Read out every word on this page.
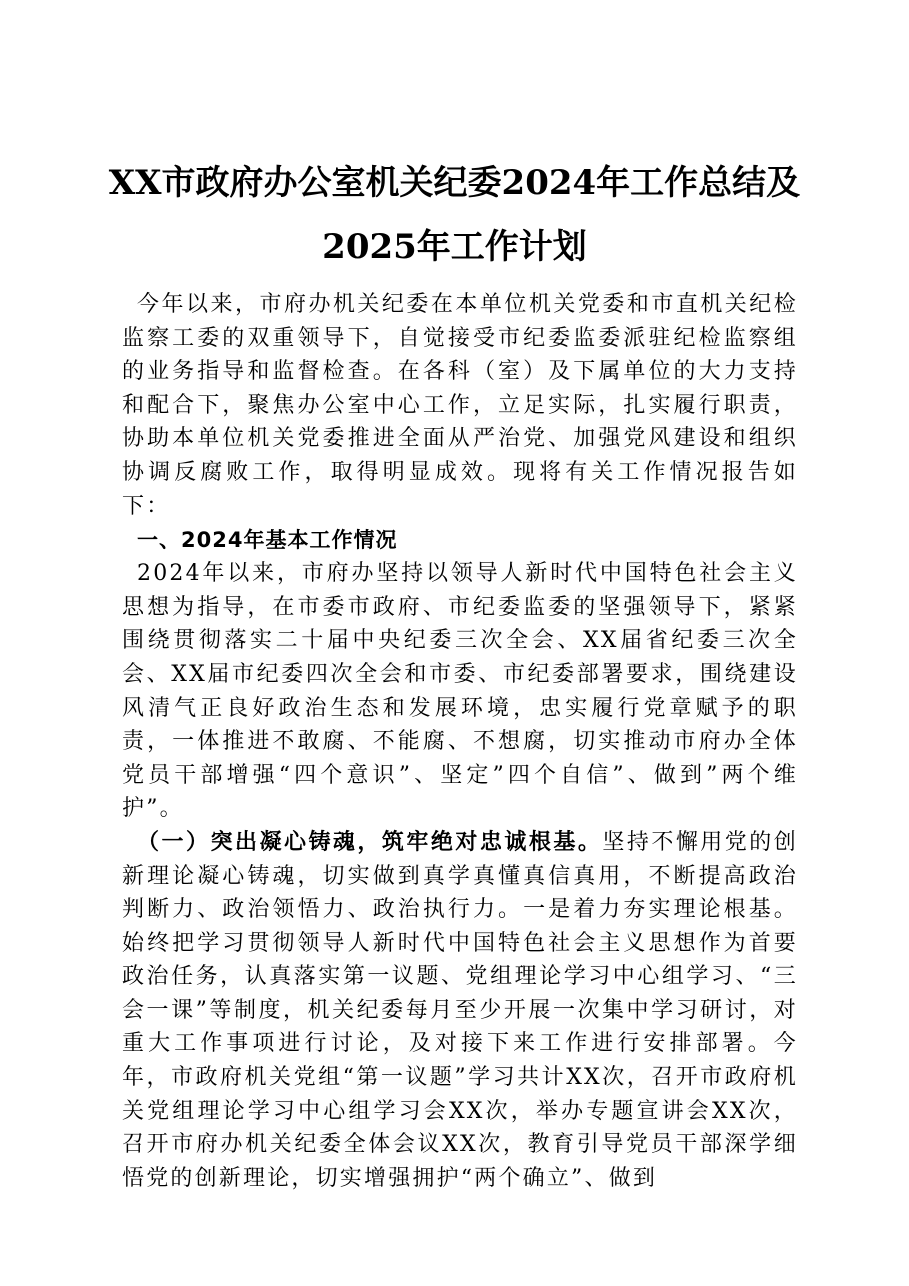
XX市政府办公室机关纪委2024年工作总结及
2025年工作计划

今年以来，市府办机关纪委在本单位机关党委和市直机关纪检监察工委的双重领导下，自觉接受市纪委监委派驻纪检监察组的业务指导和监督检查。在各科（室）及下属单位的大力支持和配合下，聚焦办公室中心工作，立足实际，扎实履行职责，协助本单位机关党委推进全面从严治党、加强党风建设和组织协调反腐败工作，取得明显成效。现将有关工作情况报告如下：

一、2024年基本工作情况

2024年以来，市府办坚持以领导人新时代中国特色社会主义思想为指导，在市委市政府、市纪委监委的坚强领导下，紧紧围绕贯彻落实二十届中央纪委三次全会、XX届省纪委三次全会、XX届市纪委四次全会和市委、市纪委部署要求，围绕建设风清气正良好政治生态和发展环境，忠实履行党章赋予的职责，一体推进不敢腐、不能腐、不想腐，切实推动市府办全体党员干部增强“四个意识”、坚定”四个自信”、做到”两个维护”。

（一）突出凝心铸魂，筑牢绝对忠诚根基。坚持不懈用党的创新理论凝心铸魂，切实做到真学真懂真信真用，不断提高政治判断力、政治领悟力、政治执行力。一是着力夯实理论根基。始终把学习贯彻领导人新时代中国特色社会主义思想作为首要政治任务，认真落实第一议题、党组理论学习中心组学习、“三会一课”等制度，机关纪委每月至少开展一次集中学习研讨，对重大工作事项进行讨论，及对接下来工作进行安排部署。今年，市政府机关党组“第一议题”学习共计XX次，召开市政府机关党组理论学习中心组学习会XX次，举办专题宣讲会XX次，召开市府办机关纪委全体会议XX次，教育引导党员干部深学细悟党的创新理论，切实增强拥护“两个确立”、做到
